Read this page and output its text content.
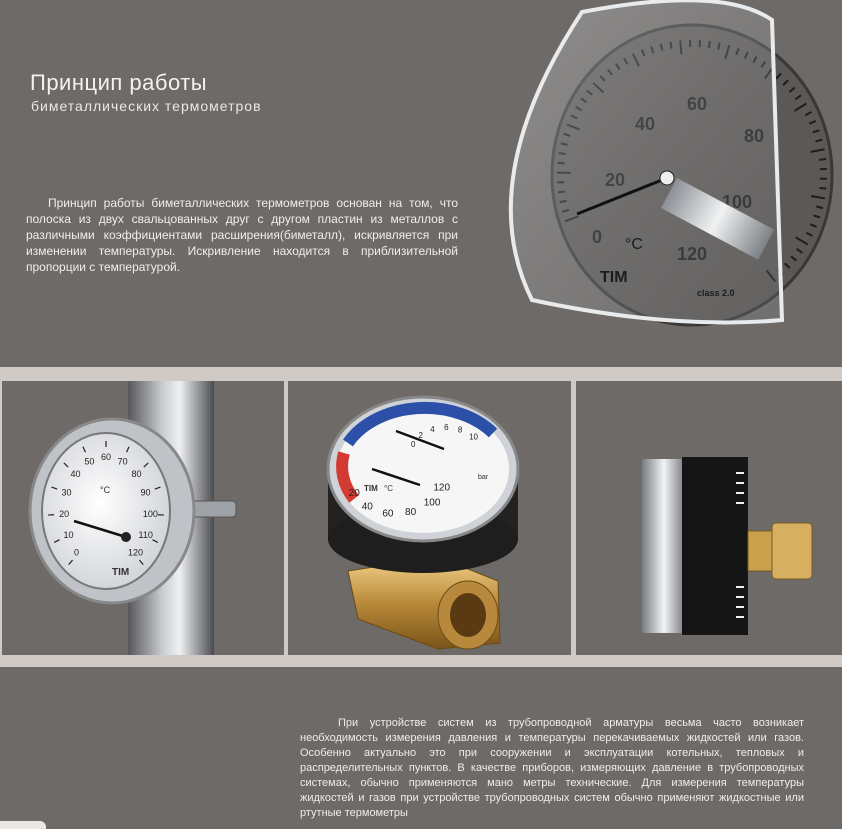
Принцип работы
биметаллических термометров
Принцип работы биметаллических термометров основан на том, что полоска из двух свальцованных друг с другом пластин из металлов с различными коэффициентами расширения(биметалл), искривляется при изменении температуры. Искривление находится в приблизительной пропорции с температурой.
0
20
40
60
80
100
120
TIM
°C
class 2.0
0
10
20
30
40
50 60 70
80
90
100
110
120
°C
TIM
20
40
60 80
100
120
0
2
4 6 8
10
°C
TIM
bar
При устройстве систем из трубопроводной арматуры весьма часто возникает необходимость измерения давления и температуры перекачиваемых жидкостей или газов. Особенно актуально это при сооружении и эксплуатации котельных, тепловых и распределительных пунктов. В качестве приборов, измеряющих давление в трубопроводных системах, обычно применяются мано метры технические. Для измерения температуры жидкостей и газов при устройстве трубопроводных систем обычно применяют жидкостные или ртутные термометры
